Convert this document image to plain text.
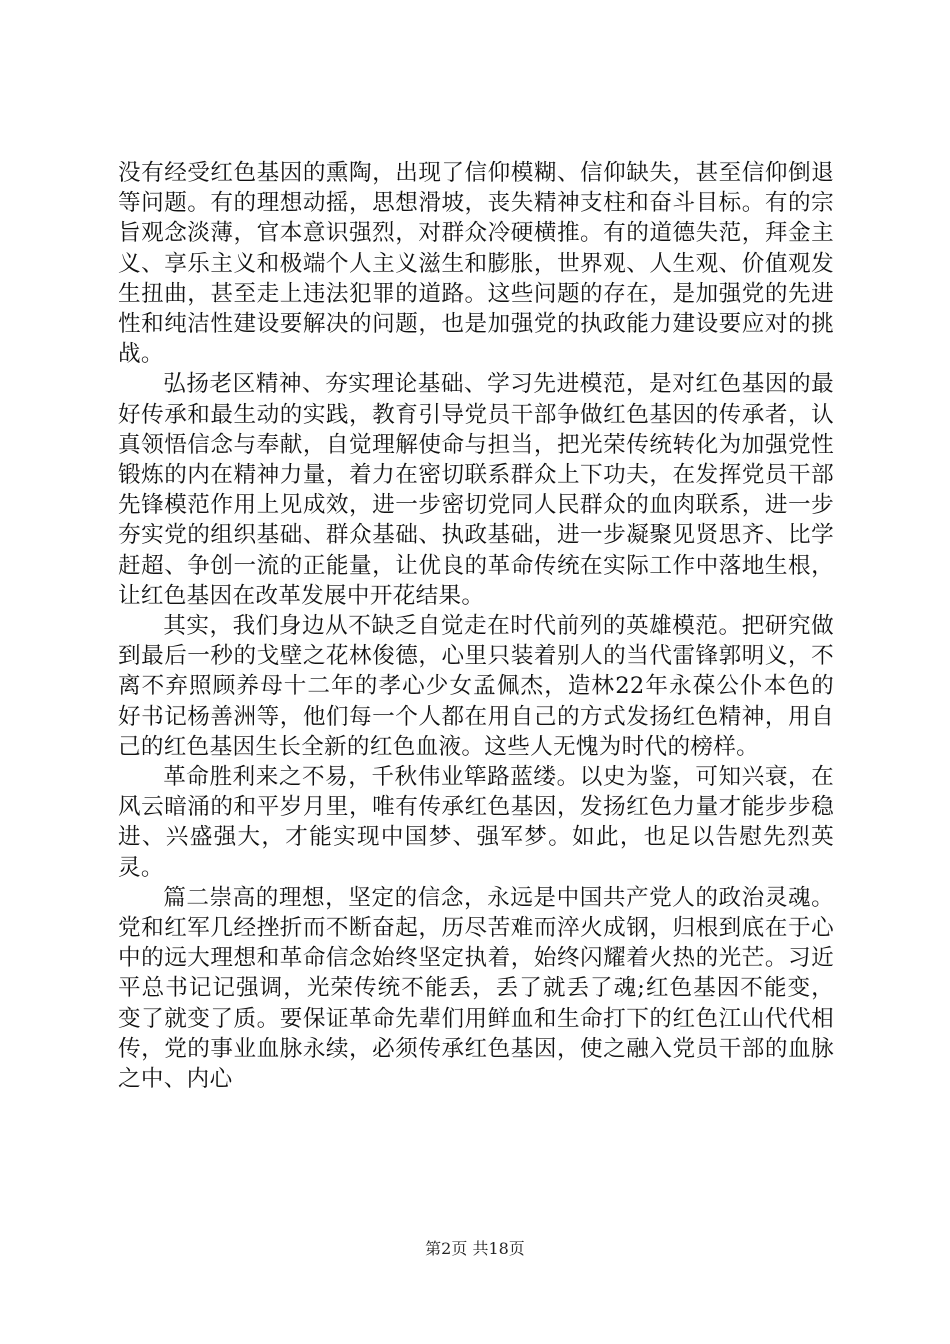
没有经受红色基因的熏陶，出现了信仰模糊、信仰缺失，甚至信仰倒退等问题。有的理想动摇，思想滑坡，丧失精神支柱和奋斗目标。有的宗旨观念淡薄，官本意识强烈，对群众冷硬横推。有的道德失范，拜金主义、享乐主义和极端个人主义滋生和膨胀，世界观、人生观、价值观发生扭曲，甚至走上违法犯罪的道路。这些问题的存在，是加强党的先进性和纯洁性建设要解决的问题，也是加强党的执政能力建设要应对的挑战。

弘扬老区精神、夯实理论基础、学习先进模范，是对红色基因的最好传承和最生动的实践，教育引导党员干部争做红色基因的传承者，认真领悟信念与奉献，自觉理解使命与担当，把光荣传统转化为加强党性锻炼的内在精神力量，着力在密切联系群众上下功夫，在发挥党员干部先锋模范作用上见成效，进一步密切党同人民群众的血肉联系，进一步夯实党的组织基础、群众基础、执政基础，进一步凝聚见贤思齐、比学赶超、争创一流的正能量，让优良的革命传统在实际工作中落地生根，让红色基因在改革发展中开花结果。

其实，我们身边从不缺乏自觉走在时代前列的英雄模范。把研究做到最后一秒的戈壁之花林俊德，心里只装着别人的当代雷锋郭明义，不离不弃照顾养母十二年的孝心少女孟佩杰，造林22年永葆公仆本色的好书记杨善洲等，他们每一个人都在用自己的方式发扬红色精神，用自己的红色基因生长全新的红色血液。这些人无愧为时代的榜样。

革命胜利来之不易，千秋伟业筚路蓝缕。以史为鉴，可知兴衰，在风云暗涌的和平岁月里，唯有传承红色基因，发扬红色力量才能步步稳进、兴盛强大，才能实现中国梦、强军梦。如此，也足以告慰先烈英灵。

篇二崇高的理想，坚定的信念，永远是中国共产党人的政治灵魂。党和红军几经挫折而不断奋起，历尽苦难而淬火成钢，归根到底在于心中的远大理想和革命信念始终坚定执着，始终闪耀着火热的光芒。习近平总书记记强调，光荣传统不能丢，丢了就丢了魂;红色基因不能变，变了就变了质。要保证革命先辈们用鲜血和生命打下的红色江山代代相传，党的事业血脉永续，必须传承红色基因，使之融入党员干部的血脉之中、内心

第2页 共18页
